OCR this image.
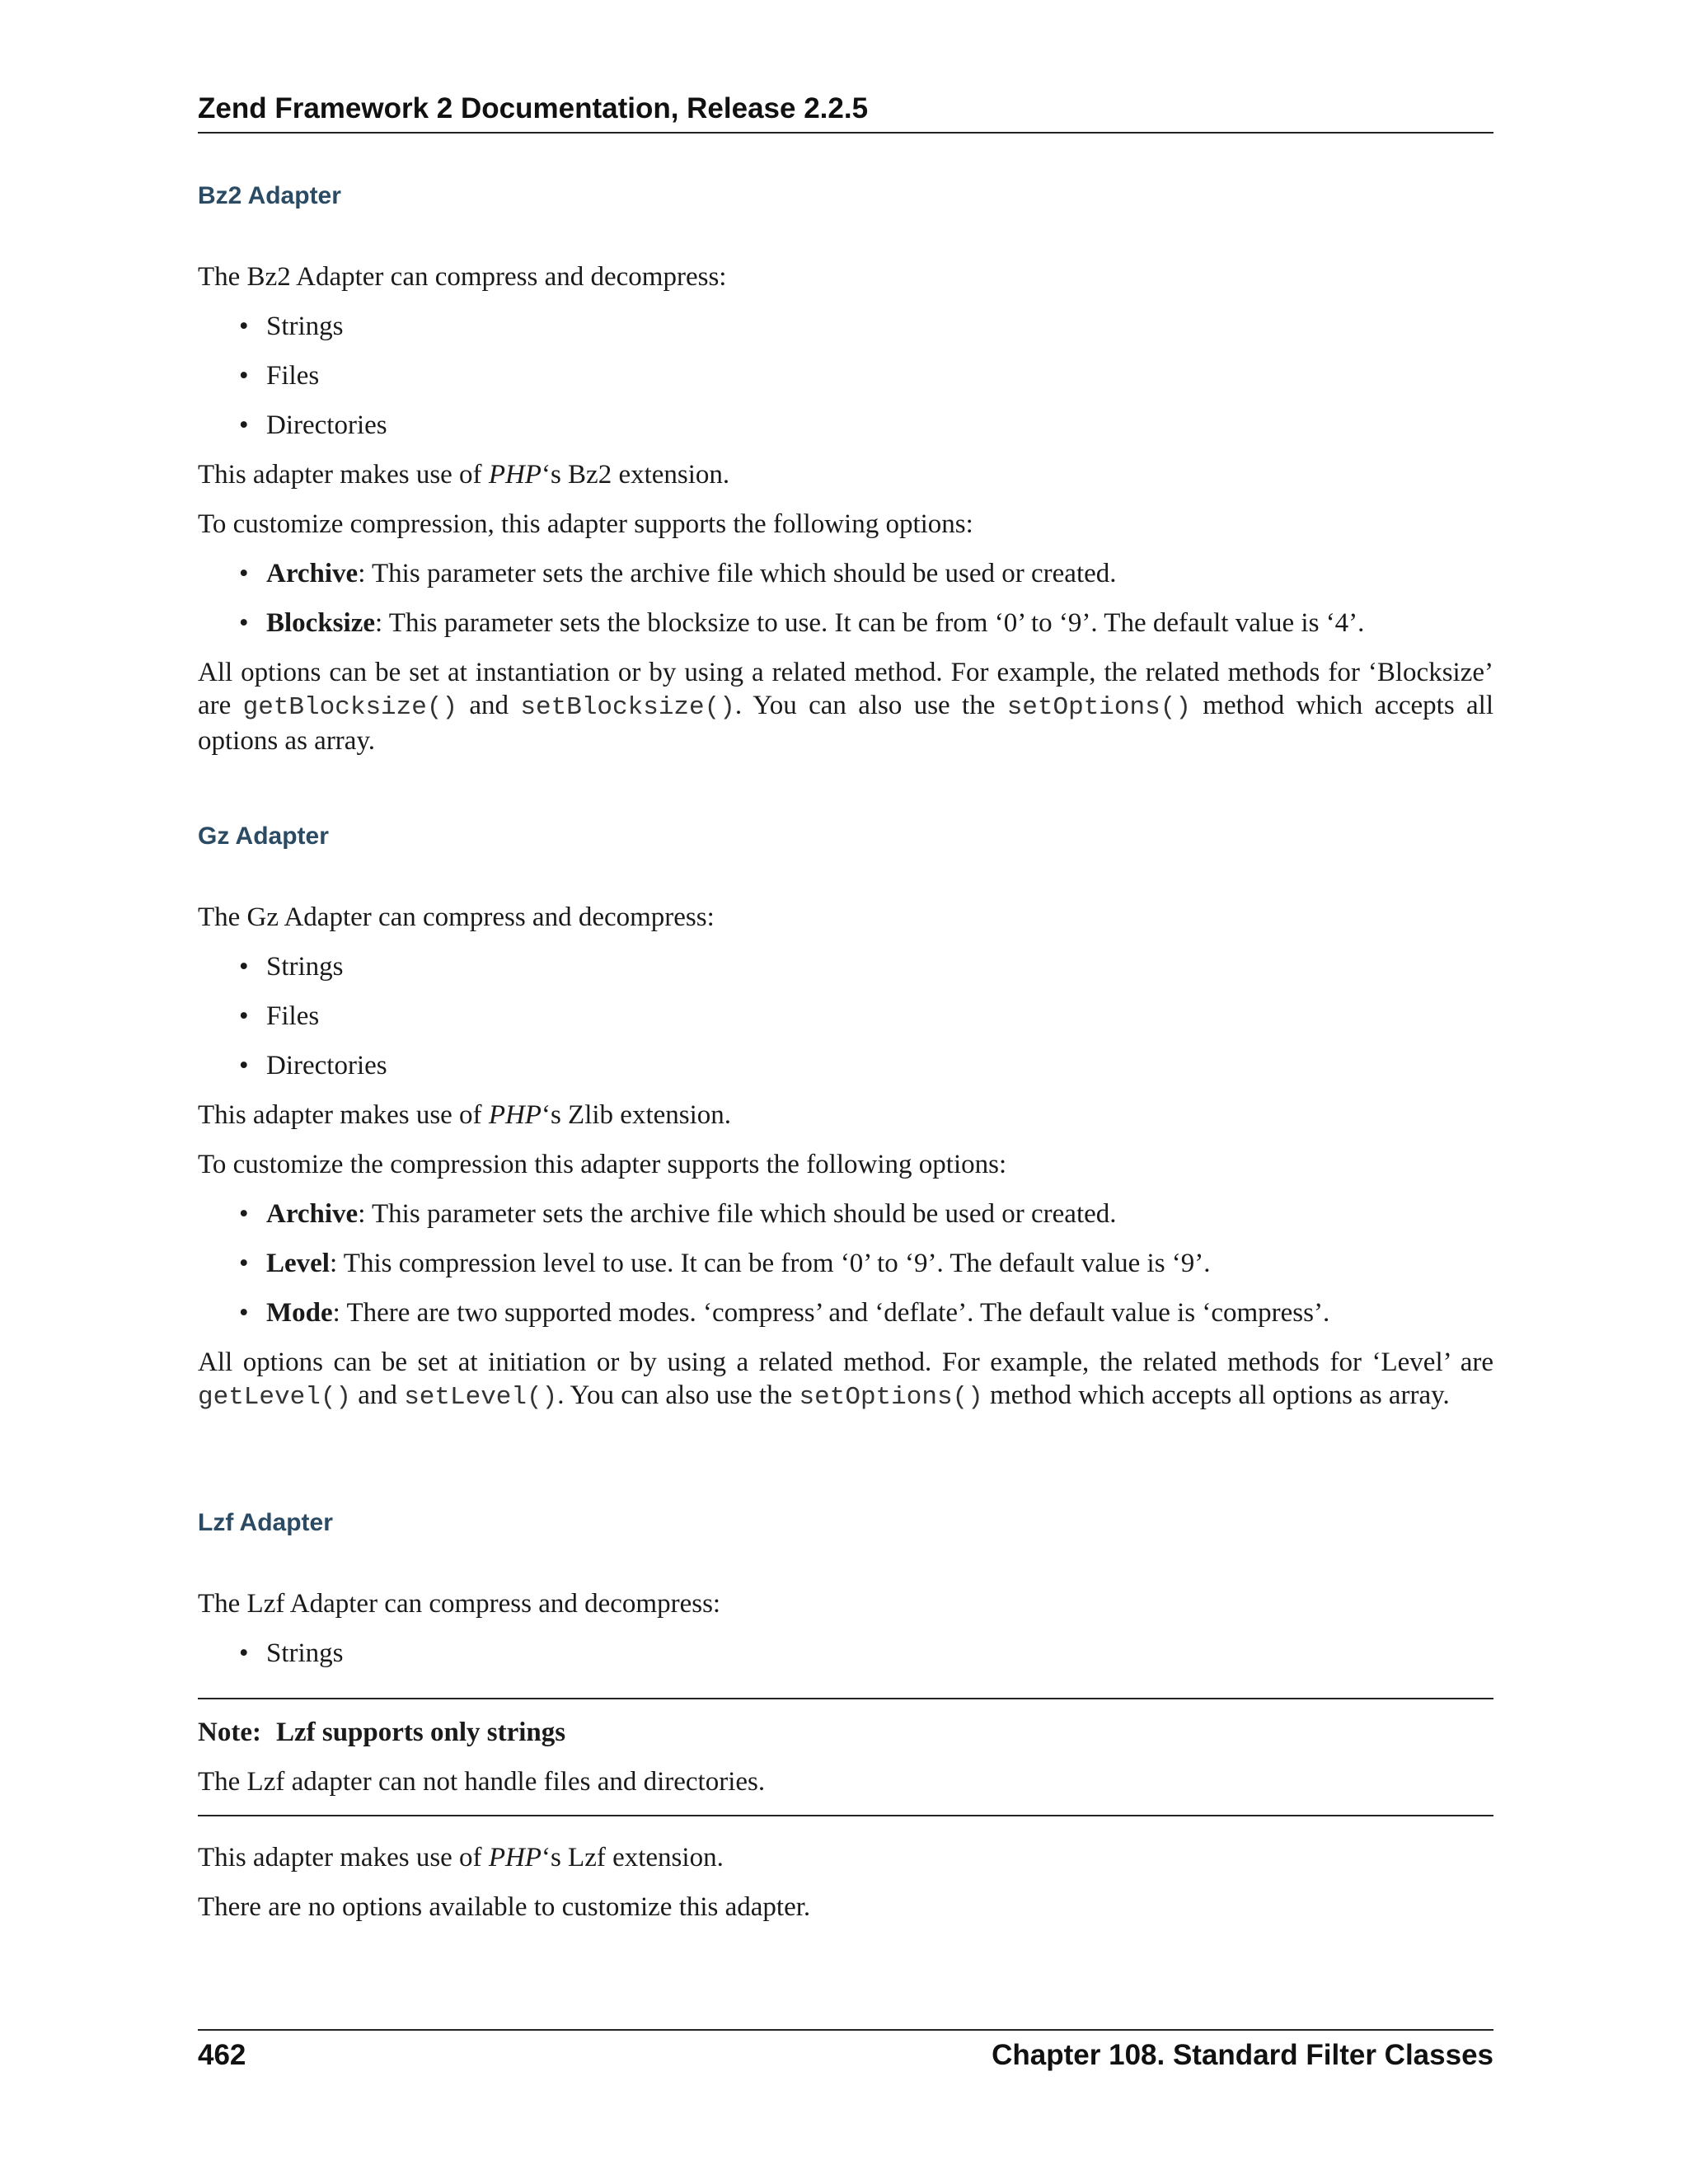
Zend Framework 2 Documentation, Release 2.2.5
Bz2 Adapter

The Bz2 Adapter can compress and decompress:

• Strings
• Files
• Directories

This adapter makes use of PHP‘s Bz2 extension.

To customize compression, this adapter supports the following options:

• Archive: This parameter sets the archive file which should be used or created.
• Blocksize: This parameter sets the blocksize to use. It can be from ‘0’ to ‘9’. The default value is ‘4’.

All options can be set at instantiation or by using a related method. For example, the related methods for ‘Blocksize’ are getBlocksize() and setBlocksize(). You can also use the setOptions() method which accepts all options as array.

Gz Adapter

The Gz Adapter can compress and decompress:

• Strings
• Files
• Directories

This adapter makes use of PHP‘s Zlib extension.

To customize the compression this adapter supports the following options:

• Archive: This parameter sets the archive file which should be used or created.
• Level: This compression level to use. It can be from ‘0’ to ‘9’. The default value is ‘9’.
• Mode: There are two supported modes. ‘compress’ and ‘deflate’. The default value is ‘compress’.

All options can be set at initiation or by using a related method. For example, the related methods for ‘Level’ are getLevel() and setLevel(). You can also use the setOptions() method which accepts all options as array.

Lzf Adapter

The Lzf Adapter can compress and decompress:

• Strings

Note: Lzf supports only strings

The Lzf adapter can not handle files and directories.

This adapter makes use of PHP‘s Lzf extension.

There are no options available to customize this adapter.

462	Chapter 108. Standard Filter Classes
